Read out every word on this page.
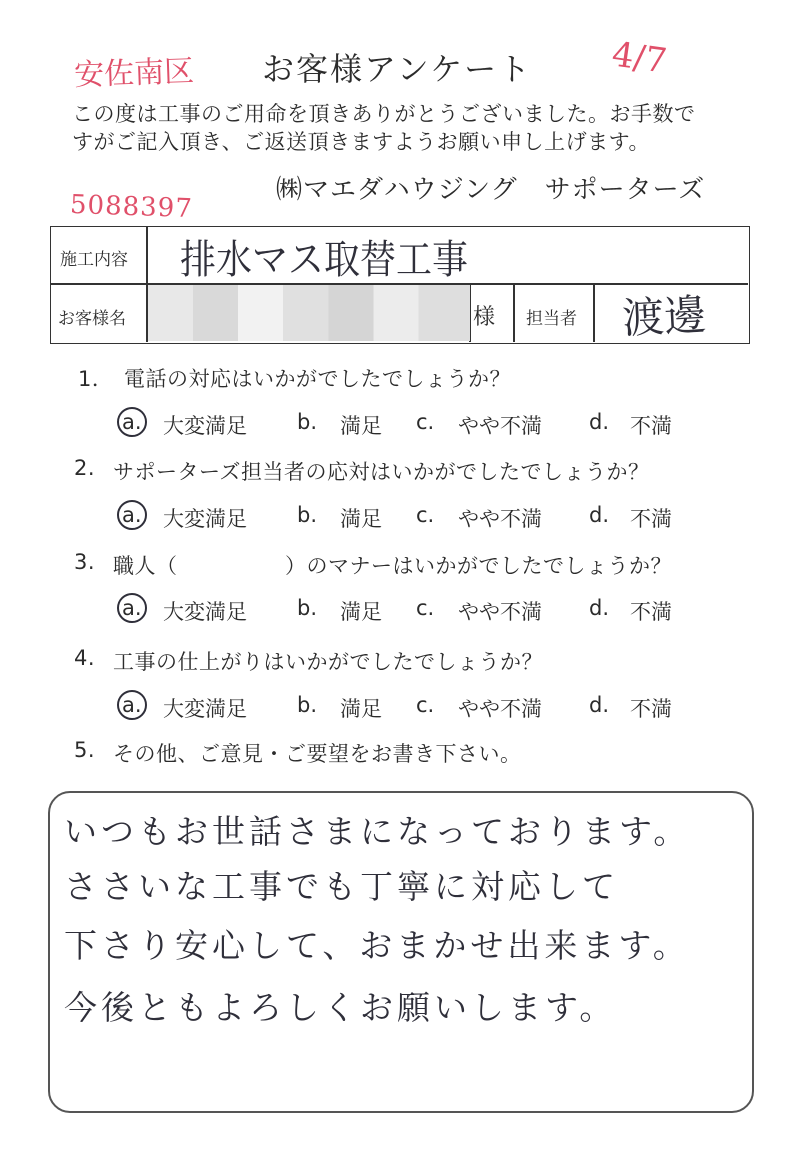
お客様アンケート
この度は工事のご用命を頂きありがとうございました。お手数で
すがご記入頂き、ご返送頂きますようお願い申し上げます。
㈱マエダハウジング　サポーターズ
安佐南区	4/7
5088397
施工内容 排水マス取替工事
お客様名	様 担当者 渡邊
1． 電話の対応はいかがでしたでしょうか？
a. 大変満足 b. 満足 c. やや不満 d. 不満
2. サポーターズ担当者の応対はいかがでしたでしょうか？
a. 大変満足 b. 満足 c. やや不満 d. 不満
3. 職人（　　　　　）のマナーはいかがでしたでしょうか？
a. 大変満足 b. 満足 c. やや不満 d. 不満
4. 工事の仕上がりはいかがでしたでしょうか？
a. 大変満足 b. 満足 c. やや不満 d. 不満
5. その他、ご意見・ご要望をお書き下さい。
いつもお世話さまになっております。
ささいな工事でも丁寧に対応して
下さり安心して、おまかせ出来ます。
今後ともよろしくお願いします。
